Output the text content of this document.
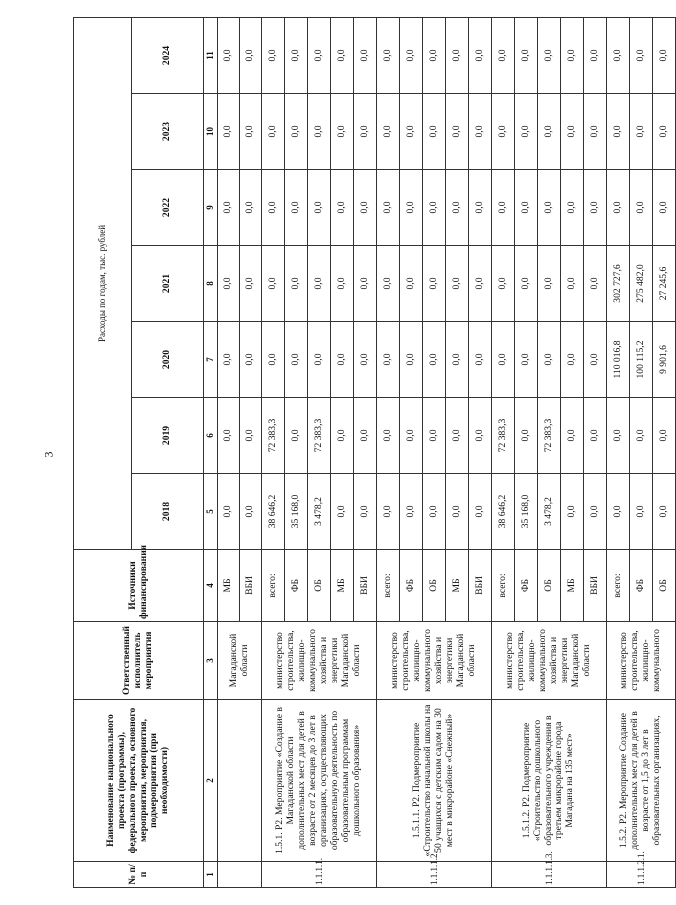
3
№ п/п	Наименование национального проекта (программы), федерального проекта, основного мероприятия, мероприятия, подмероприятия (при необходимости)	Ответственный исполнитель мероприятия	Источники финансирования	Расходы по годам, тыс. рублей						
				2018	2019	2020	2021	2022	2023	2024
1	2	3	4	5	6	7	8	9	10	11
		Магаданской области	МБ	0,0	0,0	0,0	0,0	0,0	0,0	0,0
			ВБИ	0,0	0,0	0,0	0,0	0,0	0,0	0,0
1.1.1.1.	1.5.1. Р2. Мероприятие «Создание в Магаданской области дополнительных мест для детей в возрасте от 2 месяцев до 3 лет в организациях, осуществляющих образовательную деятельность по образовательным программам дошкольного образования»	министерство строительства, жилищно-коммунального хозяйства и энергетики Магаданской области	всего:	38 646,2	72 383,3	0,0	0,0	0,0	0,0	0,0
			ФБ	35 168,0	0,0	0,0	0,0	0,0	0,0	0,0
			ОБ	3 478,2	72 383,3	0,0	0,0	0,0	0,0	0,0
			МБ	0,0	0,0	0,0	0,0	0,0	0,0	0,0
			ВБИ	0,0	0,0	0,0	0,0	0,0	0,0	0,0
1.1.1.1.2.	1.5.1.1. Р2. Подмероприятие «Строительство начальной школы на 50 учащихся с детским садом на 30 мест в микрорайоне «Снежный»	министерство строительства, жилищно-коммунального хозяйства и энергетики Магаданской области	всего:	0,0	0,0	0,0	0,0	0,0	0,0	0,0
			ФБ	0,0	0,0	0,0	0,0	0,0	0,0	0,0
			ОБ	0,0	0,0	0,0	0,0	0,0	0,0	0,0
			МБ	0,0	0,0	0,0	0,0	0,0	0,0	0,0
			ВБИ	0,0	0,0	0,0	0,0	0,0	0,0	0,0
1.1.1.1.3.	1.5.1.2. Р2. Подмероприятие «Строительство дошкольного образовательного учреждения в третьем микрорайоне города Магадана на 135 мест»	министерство строительства, жилищно-коммунального хозяйства и энергетики Магаданской области	всего:	38 646,2	72 383,3	0,0	0,0	0,0	0,0	0,0
			ФБ	35 168,0	0,0	0,0	0,0	0,0	0,0	0,0
			ОБ	3 478,2	72 383,3	0,0	0,0	0,0	0,0	0,0
			МБ	0,0	0,0	0,0	0,0	0,0	0,0	0,0
			ВБИ	0,0	0,0	0,0	0,0	0,0	0,0	0,0
1.1.1.2.1.	1.5.2. Р2. Мероприятие Создание дополнительных мест для детей в возрасте от 1,5 до 3 лет в образовательных организациях,	министерство строительства, жилищно-коммунального	всего:	0,0	0,0	110 016,8	302 727,6	0,0	0,0	0,0
			ФБ	0,0	0,0	100 115,2	275 482,0	0,0	0,0	0,0
			ОБ	0,0	0,0	9 901,6	27 245,6	0,0	0,0	0,0
